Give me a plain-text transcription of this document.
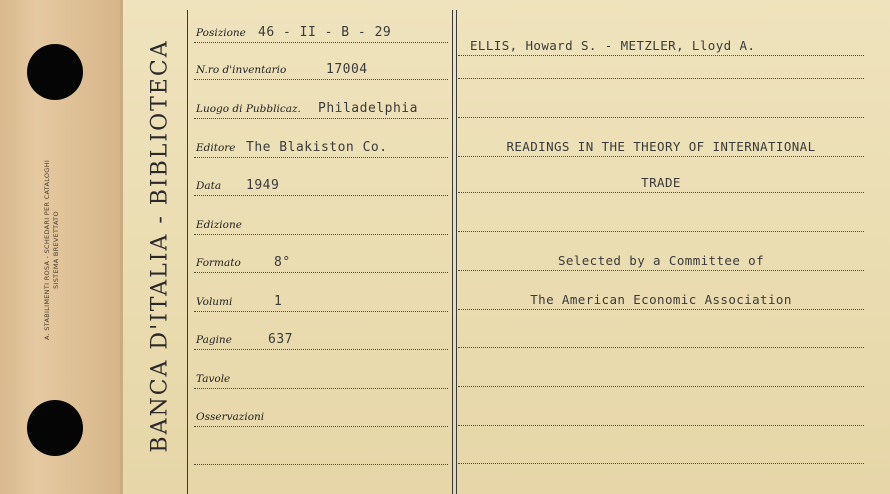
A. STABILIMENTI ROSA - SCHEDARI PER CATALOGHI SISTEMA BREVETTATO	BANCA D'ITALIA - BIBLIOTECA
Posizione 46 - II - B - 29
N.ro d'inventario	17004
Luogo di Pubblicaz. Philadelphia
Editore The Blakiston Co.
Data 1949
Edizione
Formato	8°
Volumi	1
Pagine	637
Tavole
Osservazioni
ELLIS, Howard S. - METZLER, Lloyd A.
READINGS IN THE THEORY OF INTERNATIONAL
TRADE
Selected by a Committee of
The American Economic Association
